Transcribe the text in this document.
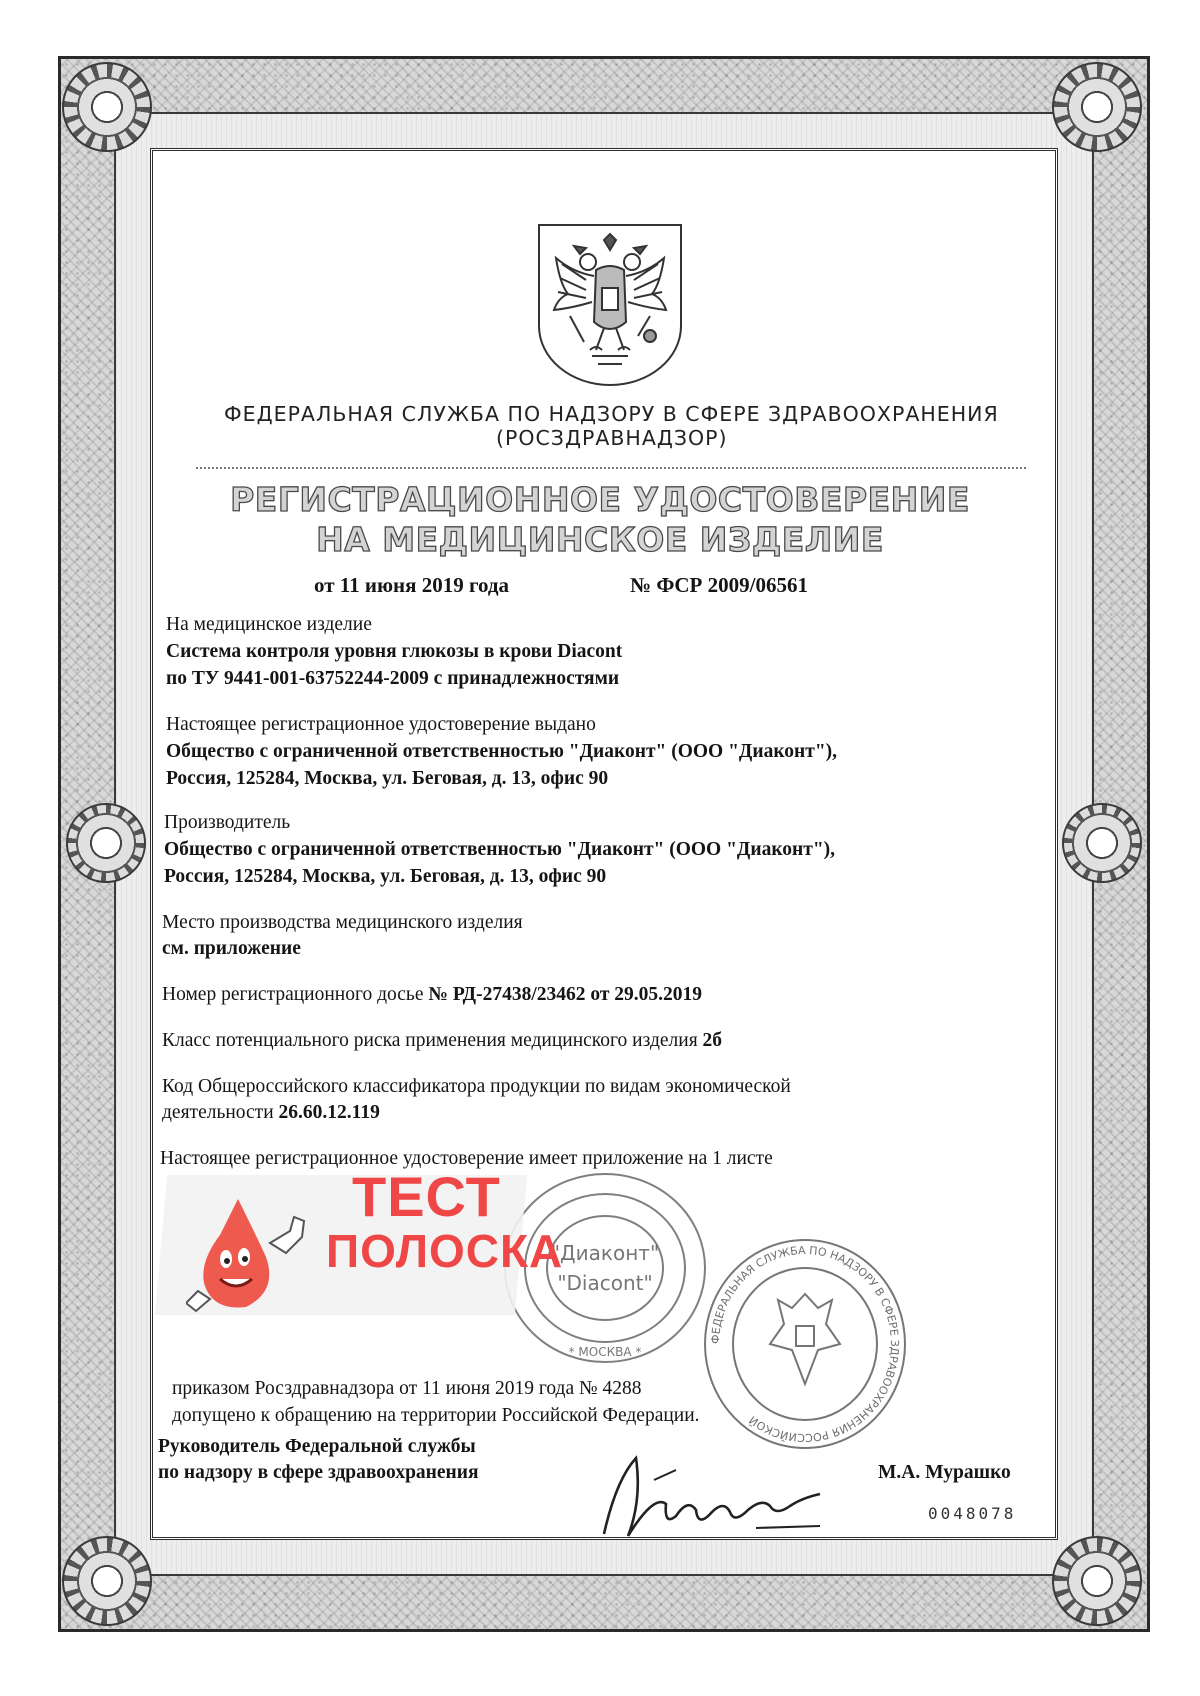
ФЕДЕРАЛЬНАЯ СЛУЖБА ПО НАДЗОРУ В СФЕРЕ ЗДРАВООХРАНЕНИЯ
(РОСЗДРАВНАДЗОР)
РЕГИСТРАЦИОННОЕ УДОСТОВЕРЕНИЕ
НА МЕДИЦИНСКОЕ ИЗДЕЛИЕ
от 11 июня 2019 года	№ ФСР 2009/06561
На медицинское изделие
Система контроля уровня глюкозы в крови Diacont
по ТУ 9441-001-63752244-2009 с принадлежностями
Настоящее регистрационное удостоверение выдано
Общество с ограниченной ответственностью "Диаконт" (ООО "Диаконт"),
Россия, 125284, Москва, ул. Беговая, д. 13, офис 90
Производитель
Общество с ограниченной ответственностью "Диаконт" (ООО "Диаконт"),
Россия, 125284, Москва, ул. Беговая, д. 13, офис 90
Место производства медицинского изделия
см. приложение
Номер регистрационного досье № РД-27438/23462 от 29.05.2019
Класс потенциального риска применения медицинского изделия 2б
Код Общероссийского классификатора продукции по видам экономической
деятельности 26.60.12.119
Настоящее регистрационное удостоверение имеет приложение на 1 листе
"Диаконт"
"Diacont"
* МОСКВА *
ТЕСТ
ПОЛОСКА
ФЕДЕРАЛЬНАЯ СЛУЖБА ПО НАДЗОРУ В СФЕРЕ ЗДРАВООХРАНЕНИЯ РОССИЙСКОЙ
приказом Росздравнадзора от 11 июня 2019 года № 4288
допущено к обращению на территории Российской Федерации.
Руководитель Федеральной службы
по надзору в сфере здравоохранения	М.А. Мурашко
0048078
